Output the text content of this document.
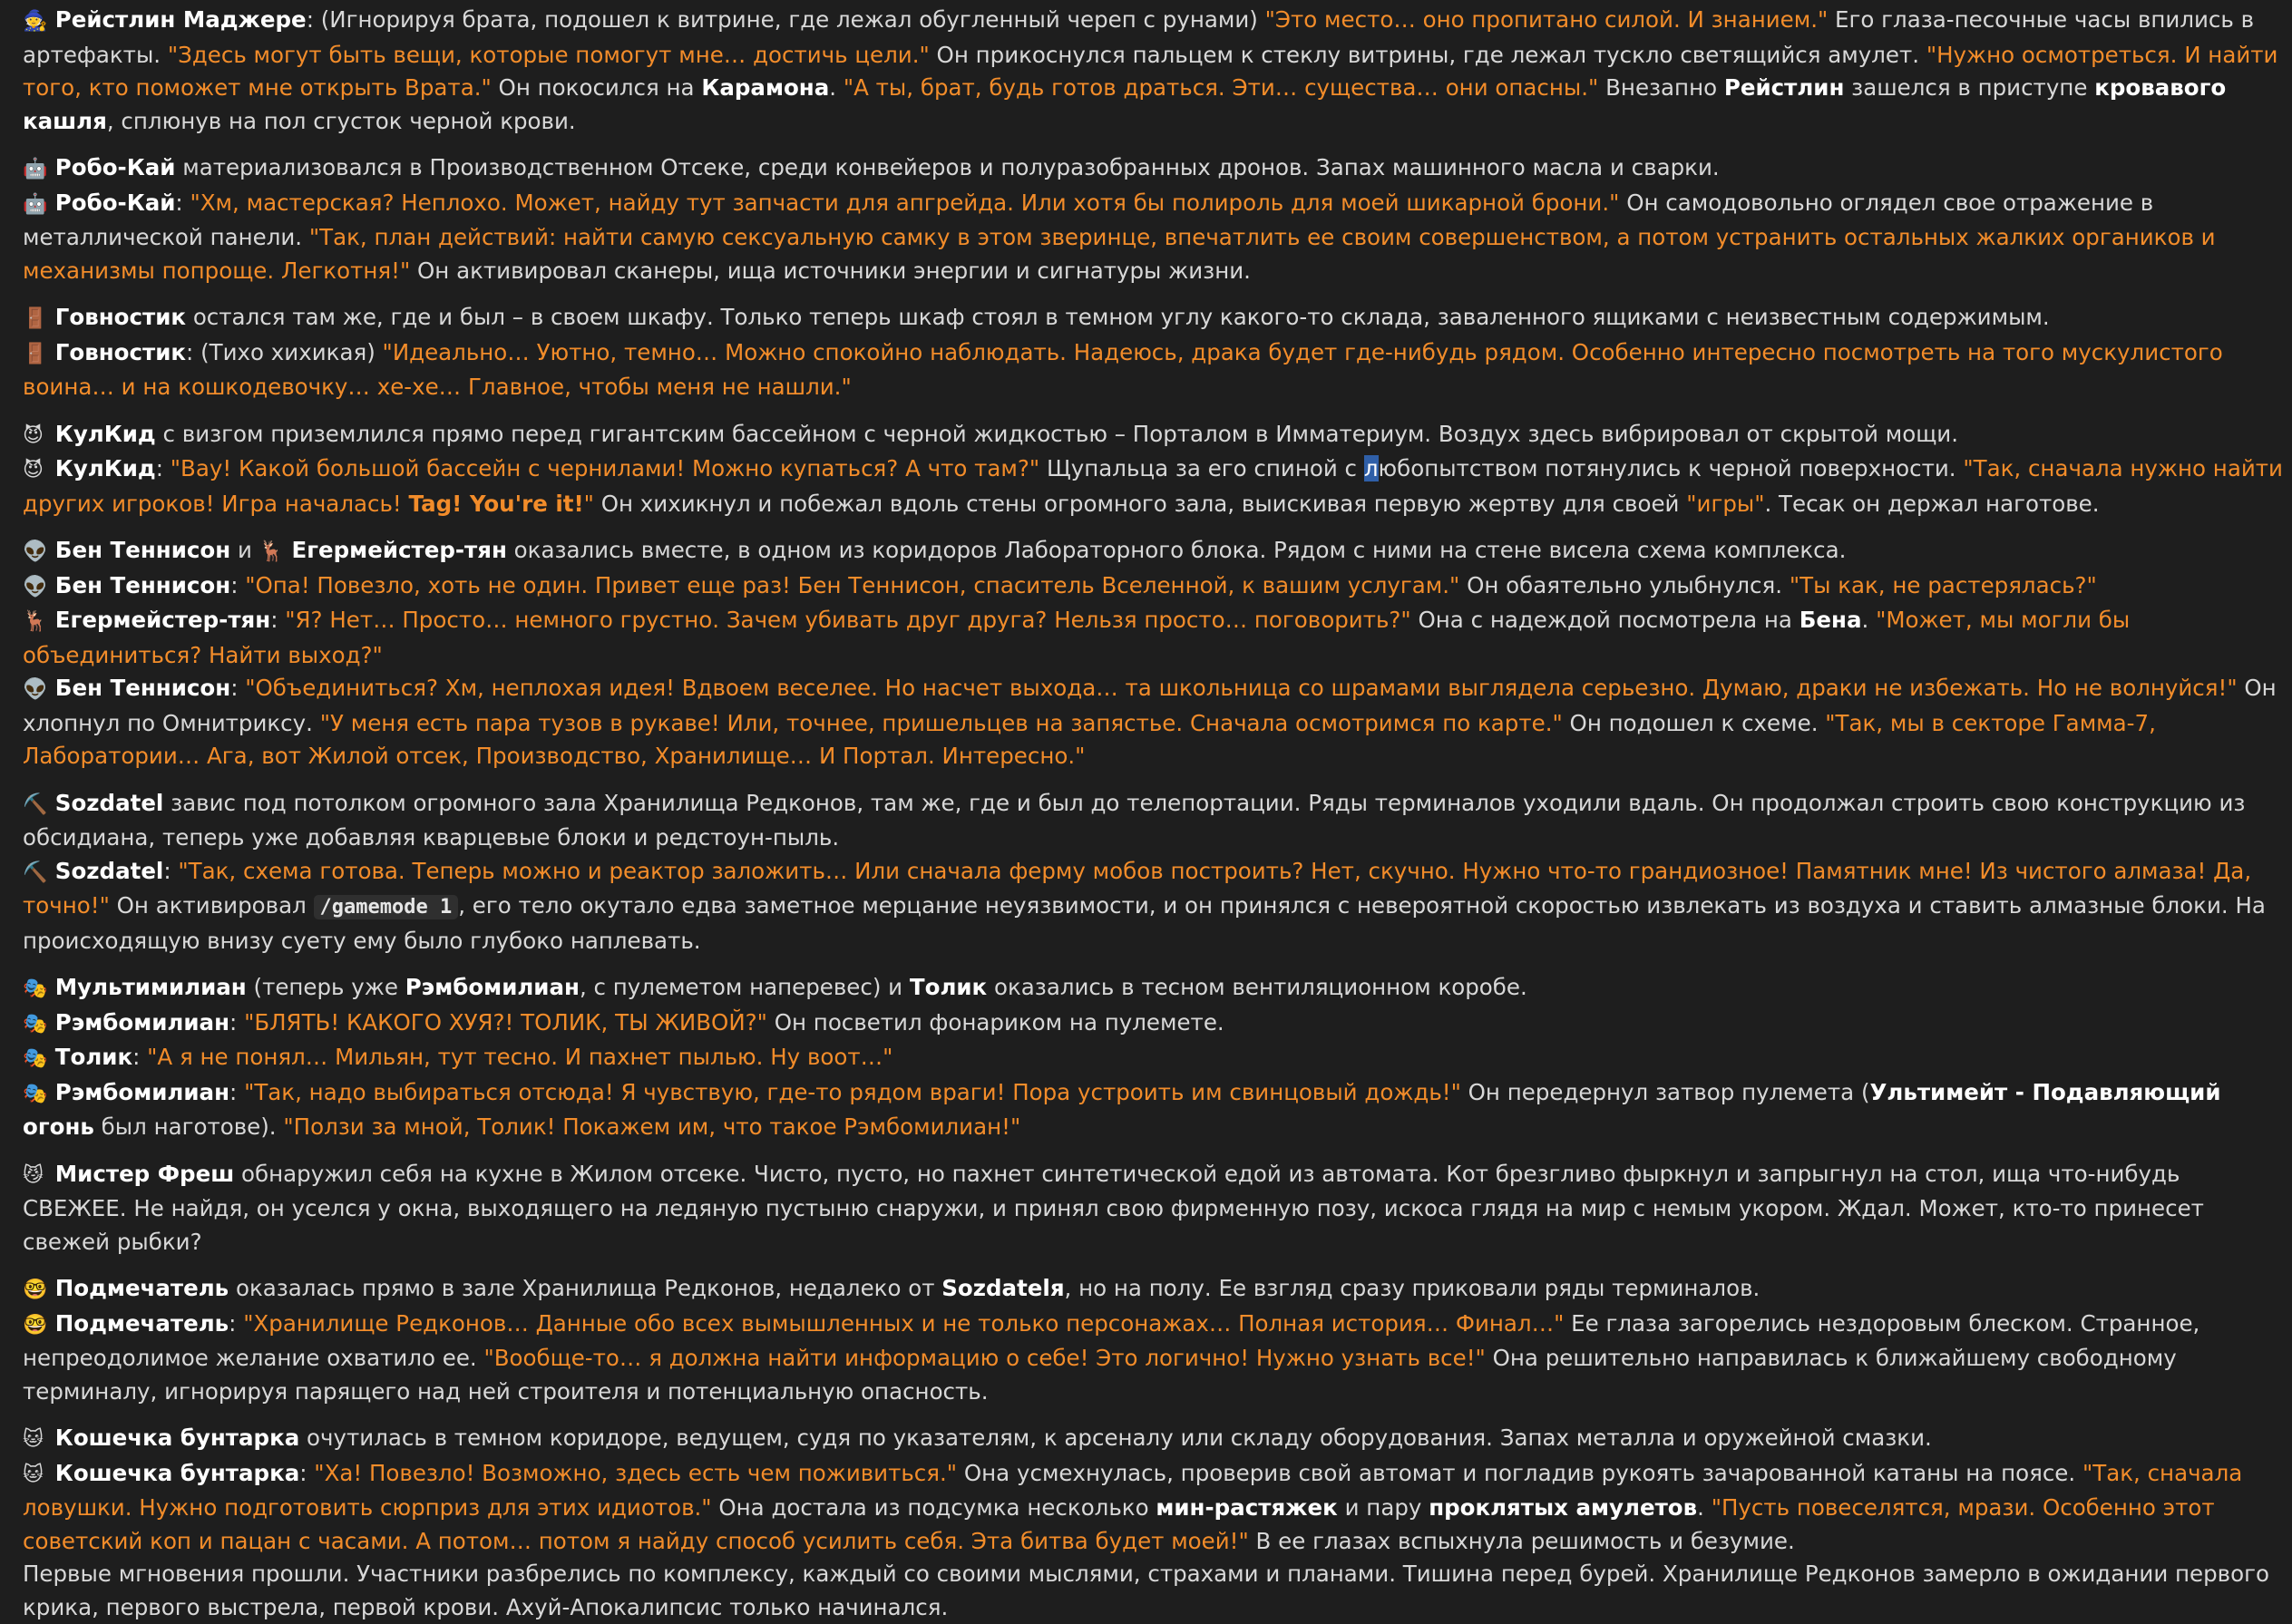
🧙 Рейстлин Маджере: (Игнорируя брата, подошел к витрине, где лежал обугленный череп с рунами) "Это место… оно пропитано силой. И знанием." Его глаза-песочные часы впились в артефакты. "Здесь могут быть вещи, которые помогут мне… достичь цели." Он прикоснулся пальцем к стеклу витрины, где лежал тускло светящийся амулет. "Нужно осмотреться. И найти того, кто поможет мне открыть Врата." Он покосился на Карамона. "А ты, брат, будь готов драться. Эти… существа… они опасны." Внезапно Рейстлин зашелся в приступе кровавого кашля, сплюнув на пол сгусток черной крови.
🤖 Робо-Кай материализовался в Производственном Отсеке, среди конвейеров и полуразобранных дронов. Запах машинного масла и сварки.
🤖 Робо-Кай: "Хм, мастерская? Неплохо. Может, найду тут запчасти для апгрейда. Или хотя бы полироль для моей шикарной брони." Он самодовольно оглядел свое отражение в металлической панели. "Так, план действий: найти самую сексуальную самку в этом зверинце, впечатлить ее своим совершенством, а потом устранить остальных жалких органиков и механизмы попроще. Легкотня!" Он активировал сканеры, ища источники энергии и сигнатуры жизни.
🚪 Говностик остался там же, где и был – в своем шкафу. Только теперь шкаф стоял в темном углу какого-то склада, заваленного ящиками с неизвестным содержимым.
🚪 Говностик: (Тихо хихикая) "Идеально… Уютно, темно… Можно спокойно наблюдать. Надеюсь, драка будет где-нибудь рядом. Особенно интересно посмотреть на того мускулистого воина… и на кошкодевочку… хе-хе… Главное, чтобы меня не нашли."
😈 КулКид с визгом приземлился прямо перед гигантским бассейном с черной жидкостью – Порталом в Имматериум. Воздух здесь вибрировал от скрытой мощи.
😈 КулКид: "Вау! Какой большой бассейн с чернилами! Можно купаться? А что там?" Щупальца за его спиной с любопытством потянулись к черной поверхности. "Так, сначала нужно найти других игроков! Игра началась! Tag! You're it!" Он хихикнул и побежал вдоль стены огромного зала, выискивая первую жертву для своей "игры". Тесак он держал наготове.
👽 Бен Теннисон и 🦌 Егермейстер-тян оказались вместе, в одном из коридоров Лабораторного блока. Рядом с ними на стене висела схема комплекса.
👽 Бен Теннисон: "Опа! Повезло, хоть не один. Привет еще раз! Бен Теннисон, спаситель Вселенной, к вашим услугам." Он обаятельно улыбнулся. "Ты как, не растерялась?"
🦌 Егермейстер-тян: "Я? Нет… Просто… немного грустно. Зачем убивать друг друга? Нельзя просто… поговорить?" Она с надеждой посмотрела на Бена. "Может, мы могли бы объединиться? Найти выход?"
👽 Бен Теннисон: "Объединиться? Хм, неплохая идея! Вдвоем веселее. Но насчет выхода… та школьница со шрамами выглядела серьезно. Думаю, драки не избежать. Но не волнуйся!" Он хлопнул по Омнитриксу. "У меня есть пара тузов в рукаве! Или, точнее, пришельцев на запястье. Сначала осмотримся по карте." Он подошел к схеме. "Так, мы в секторе Гамма-7, Лаборатории… Ага, вот Жилой отсек, Производство, Хранилище… И Портал. Интересно."
⛏️ Sozdatel завис под потолком огромного зала Хранилища Редконов, там же, где и был до телепортации. Ряды терминалов уходили вдаль. Он продолжал строить свою конструкцию из обсидиана, теперь уже добавляя кварцевые блоки и редстоун-пыль.
⛏️ Sozdatel: "Так, схема готова. Теперь можно и реактор заложить… Или сначала ферму мобов построить? Нет, скучно. Нужно что-то грандиозное! Памятник мне! Из чистого алмаза! Да, точно!" Он активировал /gamemode 1 , его тело окутало едва заметное мерцание неуязвимости, и он принялся с невероятной скоростью извлекать из воздуха и ставить алмазные блоки. На происходящую внизу суету ему было глубоко наплевать.
🎭 Мультимилиан (теперь уже Рэмбомилиан, с пулеметом наперевес) и Толик оказались в тесном вентиляционном коробе.
🎭 Рэмбомилиан: "БЛЯТЬ! КАКОГО ХУЯ?! ТОЛИК, ТЫ ЖИВОЙ?" Он посветил фонариком на пулемете.
🎭 Толик: "А я не понял… Мильян, тут тесно. И пахнет пылью. Ну воот…"
🎭 Рэмбомилиан: "Так, надо выбираться отсюда! Я чувствую, где-то рядом враги! Пора устроить им свинцовый дождь!" Он передернул затвор пулемета (Ультимейт - Подавляющий огонь был наготове). "Ползи за мной, Толик! Покажем им, что такое Рэмбомилиан!"
😼 Мистер Фреш обнаружил себя на кухне в Жилом отсеке. Чисто, пусто, но пахнет синтетической едой из автомата. Кот брезгливо фыркнул и запрыгнул на стол, ища что-нибудь СВЕЖЕЕ. Не найдя, он уселся у окна, выходящего на ледяную пустыню снаружи, и принял свою фирменную позу, искоса глядя на мир с немым укором. Ждал. Может, кто-то принесет свежей рыбки?
🤓 Подмечатель оказалась прямо в зале Хранилища Редконов, недалеко от Sozdatelя, но на полу. Ее взгляд сразу приковали ряды терминалов.
🤓 Подмечатель: "Хранилище Редконов… Данные обо всех вымышленных и не только персонажах… Полная история… Финал…" Ее глаза загорелись нездоровым блеском. Странное, непреодолимое желание охватило ее. "Вообще-то… я должна найти информацию о себе! Это логично! Нужно узнать все!" Она решительно направилась к ближайшему свободному терминалу, игнорируя парящего над ней строителя и потенциальную опасность.
🐱 Кошечка бунтарка очутилась в темном коридоре, ведущем, судя по указателям, к арсеналу или складу оборудования. Запах металла и оружейной смазки.
🐱 Кошечка бунтарка: "Ха! Повезло! Возможно, здесь есть чем поживиться." Она усмехнулась, проверив свой автомат и погладив рукоять зачарованной катаны на поясе. "Так, сначала ловушки. Нужно подготовить сюрприз для этих идиотов." Она достала из подсумка несколько мин-растяжек и пару проклятых амулетов. "Пусть повеселятся, мрази. Особенно этот советский коп и пацан с часами. А потом… потом я найду способ усилить себя. Эта битва будет моей!" В ее глазах вспыхнула решимость и безумие.
Первые мгновения прошли. Участники разбрелись по комплексу, каждый со своими мыслями, страхами и планами. Тишина перед бурей. Хранилище Редконов замерло в ожидании первого крика, первого выстрела, первой крови. Ахуй-Апокалипсис только начинался.
